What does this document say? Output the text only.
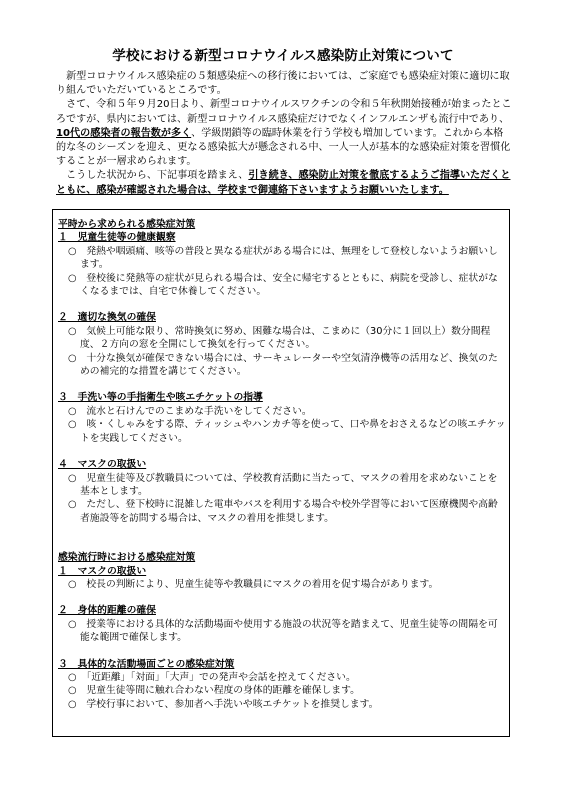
学校における新型コロナウイルス感染防止対策について

新型コロナウイルス感染症の５類感染症への移行後においては、ご家庭でも感染症対策に適切に取り組んでいただいているところです。

さて、令和５年９月20日より、新型コロナウイルスワクチンの令和５年秋開始接種が始まったところですが、県内においては、新型コロナウイルス感染症だけでなくインフルエンザも流行中であり、10代の感染者の報告数が多く、学級閉鎖等の臨時休業を行う学校も増加しています。これから本格的な冬のシーズンを迎え、更なる感染拡大が懸念される中、一人一人が基本的な感染症対策を習慣化することが一層求められます。

こうした状況から、下記事項を踏まえ、引き続き、感染防止対策を徹底するようご指導いただくとともに、感染が確認された場合は、学校まで御連絡下さいますようお願いいたします。

平時から求められる感染症対策

１　児童生徒等の健康観察

○　発熱や咽頭痛、咳等の普段と異なる症状がある場合には、無理をして登校しないようお願いします。

○　登校後に発熱等の症状が見られる場合は、安全に帰宅するとともに、病院を受診し、症状がなくなるまでは、自宅で休養してください。

２　適切な換気の確保

○　気候上可能な限り、常時換気に努め、困難な場合は、こまめに（30分に１回以上）数分間程度、２方向の窓を全開にして換気を行ってください。

○　十分な換気が確保できない場合には、サーキュレーターや空気清浄機等の活用など、換気のための補完的な措置を講じてください。

３　手洗い等の手指衛生や咳エチケットの指導

○　流水と石けんでのこまめな手洗いをしてください。

○　咳・くしゃみをする際、ティッシュやハンカチ等を使って、口や鼻をおさえるなどの咳エチケットを実践してください。

４　マスクの取扱い

○　児童生徒等及び教職員については、学校教育活動に当たって、マスクの着用を求めないことを基本とします。

○　ただし、登下校時に混雑した電車やバスを利用する場合や校外学習等において医療機関や高齢者施設等を訪問する場合は、マスクの着用を推奨します。

感染流行時における感染症対策

１　マスクの取扱い

○　校長の判断により、児童生徒等や教職員にマスクの着用を促す場合があります。

２　身体的距離の確保

○　授業等における具体的な活動場面や使用する施設の状況等を踏まえて、児童生徒等の間隔を可能な範囲で確保します。

３　具体的な活動場面ごとの感染症対策

○　「近距離」「対面」「大声」での発声や会話を控えてください。

○　児童生徒等間に触れ合わない程度の身体的距離を確保します。

○　学校行事において、参加者へ手洗いや咳エチケットを推奨します。
